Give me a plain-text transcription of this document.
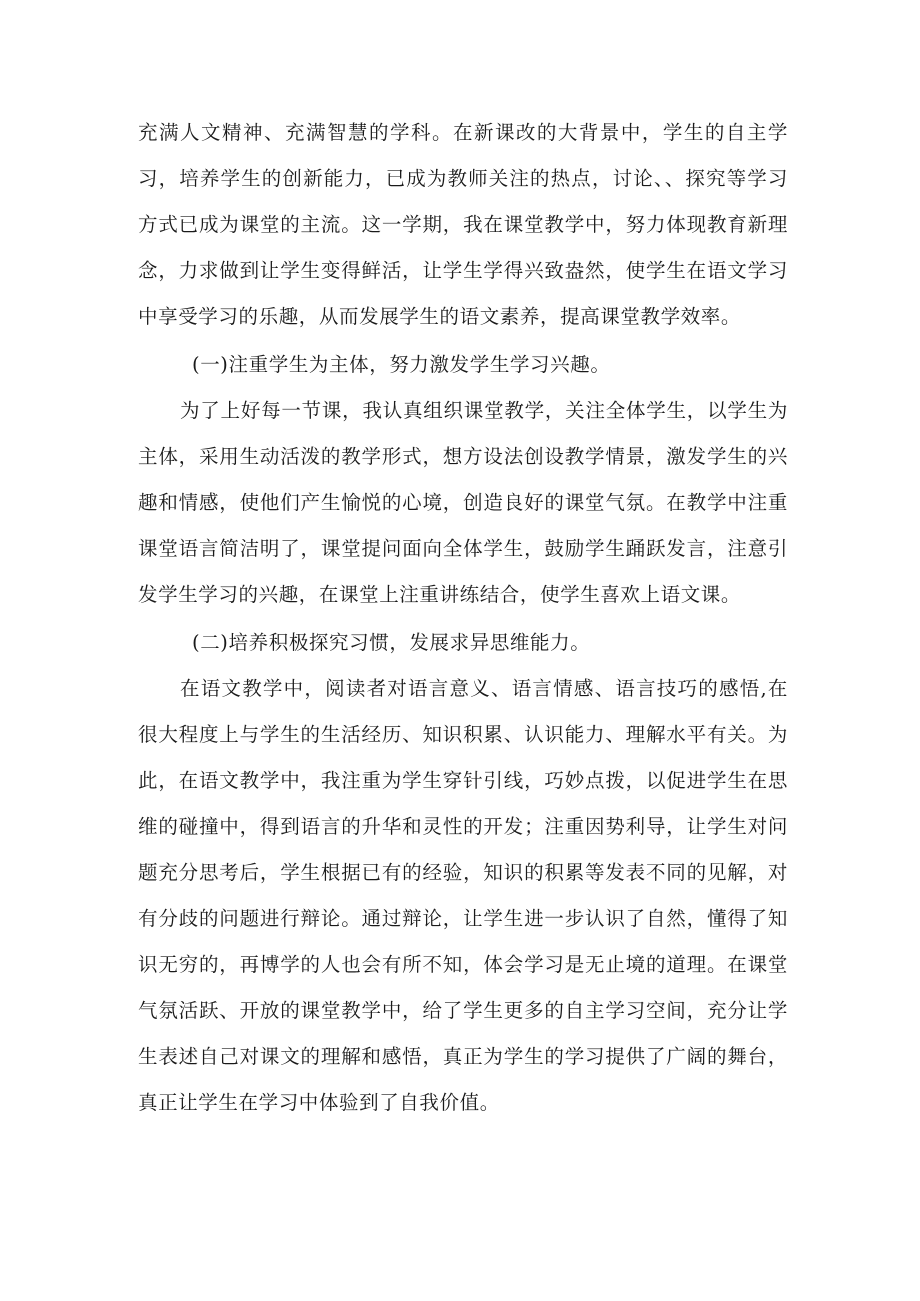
充满人文精神、充满智慧的学科。在新课改的大背景中，学生的自主学习，培养学生的创新能力，已成为教师关注的热点，讨论、、探究等学习方式已成为课堂的主流。这一学期，我在课堂教学中，努力体现教育新理念，力求做到让学生变得鲜活，让学生学得兴致盎然，使学生在语文学习中享受学习的乐趣，从而发展学生的语文素养，提高课堂教学效率。

(一)注重学生为主体，努力激发学生学习兴趣。

为了上好每一节课，我认真组织课堂教学，关注全体学生，以学生为主体，采用生动活泼的教学形式，想方设法创设教学情景，激发学生的兴趣和情感，使他们产生愉悦的心境，创造良好的课堂气氛。在教学中注重课堂语言简洁明了，课堂提问面向全体学生，鼓励学生踊跃发言，注意引发学生学习的兴趣，在课堂上注重讲练结合，使学生喜欢上语文课。

(二)培养积极探究习惯，发展求异思维能力。

在语文教学中，阅读者对语言意义、语言情感、语言技巧的感悟,在很大程度上与学生的生活经历、知识积累、认识能力、理解水平有关。为此，在语文教学中，我注重为学生穿针引线，巧妙点拨，以促进学生在思维的碰撞中，得到语言的升华和灵性的开发；注重因势利导，让学生对问题充分思考后，学生根据已有的经验，知识的积累等发表不同的见解，对有分歧的问题进行辩论。通过辩论，让学生进一步认识了自然，懂得了知识无穷的，再博学的人也会有所不知，体会学习是无止境的道理。在课堂气氛活跃、开放的课堂教学中，给了学生更多的自主学习空间，充分让学生表述自己对课文的理解和感悟，真正为学生的学习提供了广阔的舞台，真正让学生在学习中体验到了自我价值。
